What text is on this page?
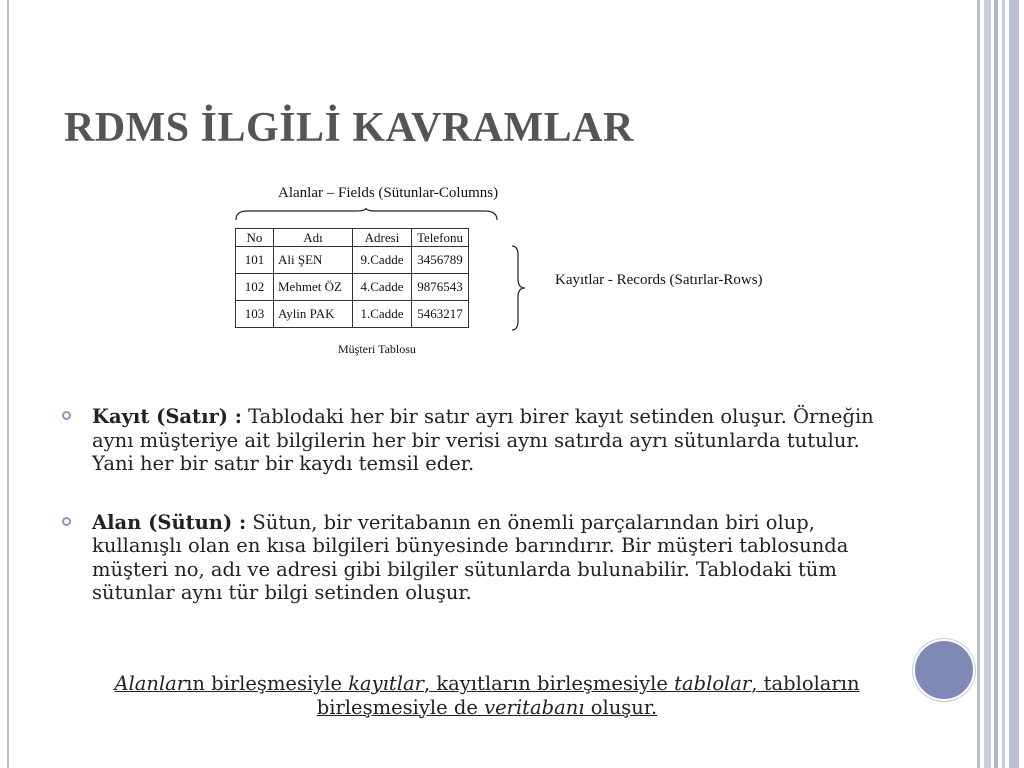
RDMS İLGİLİ KAVRAMLAR
Alanlar – Fields (Sütunlar-Columns)
No	Adı	Adresi	Telefonu
101	Ali ŞEN	9.Cadde	3456789
102	Mehmet ÖZ	4.Cadde	9876543
103	Aylin PAK	1.Cadde	5463217
Kayıtlar - Records (Satırlar-Rows)
Müşteri Tablosu
Kayıt (Satır) : Tablodaki her bir satır ayrı birer kayıt setinden oluşur. Örneğin aynı müşteriye ait bilgilerin her bir verisi aynı satırda ayrı sütunlarda tutulur. Yani her bir satır bir kaydı temsil eder.
Alan (Sütun) : Sütun, bir veritabanın en önemli parçalarından biri olup, kullanışlı olan en kısa bilgileri bünyesinde barındırır. Bir müşteri tablosunda müşteri no, adı ve adresi gibi bilgiler sütunlarda bulunabilir. Tablodaki tüm sütunlar aynı tür bilgi setinden oluşur.
Alanların birleşmesiyle kayıtlar, kayıtların birleşmesiyle tablolar, tabloların birleşmesiyle de veritabanı oluşur.
